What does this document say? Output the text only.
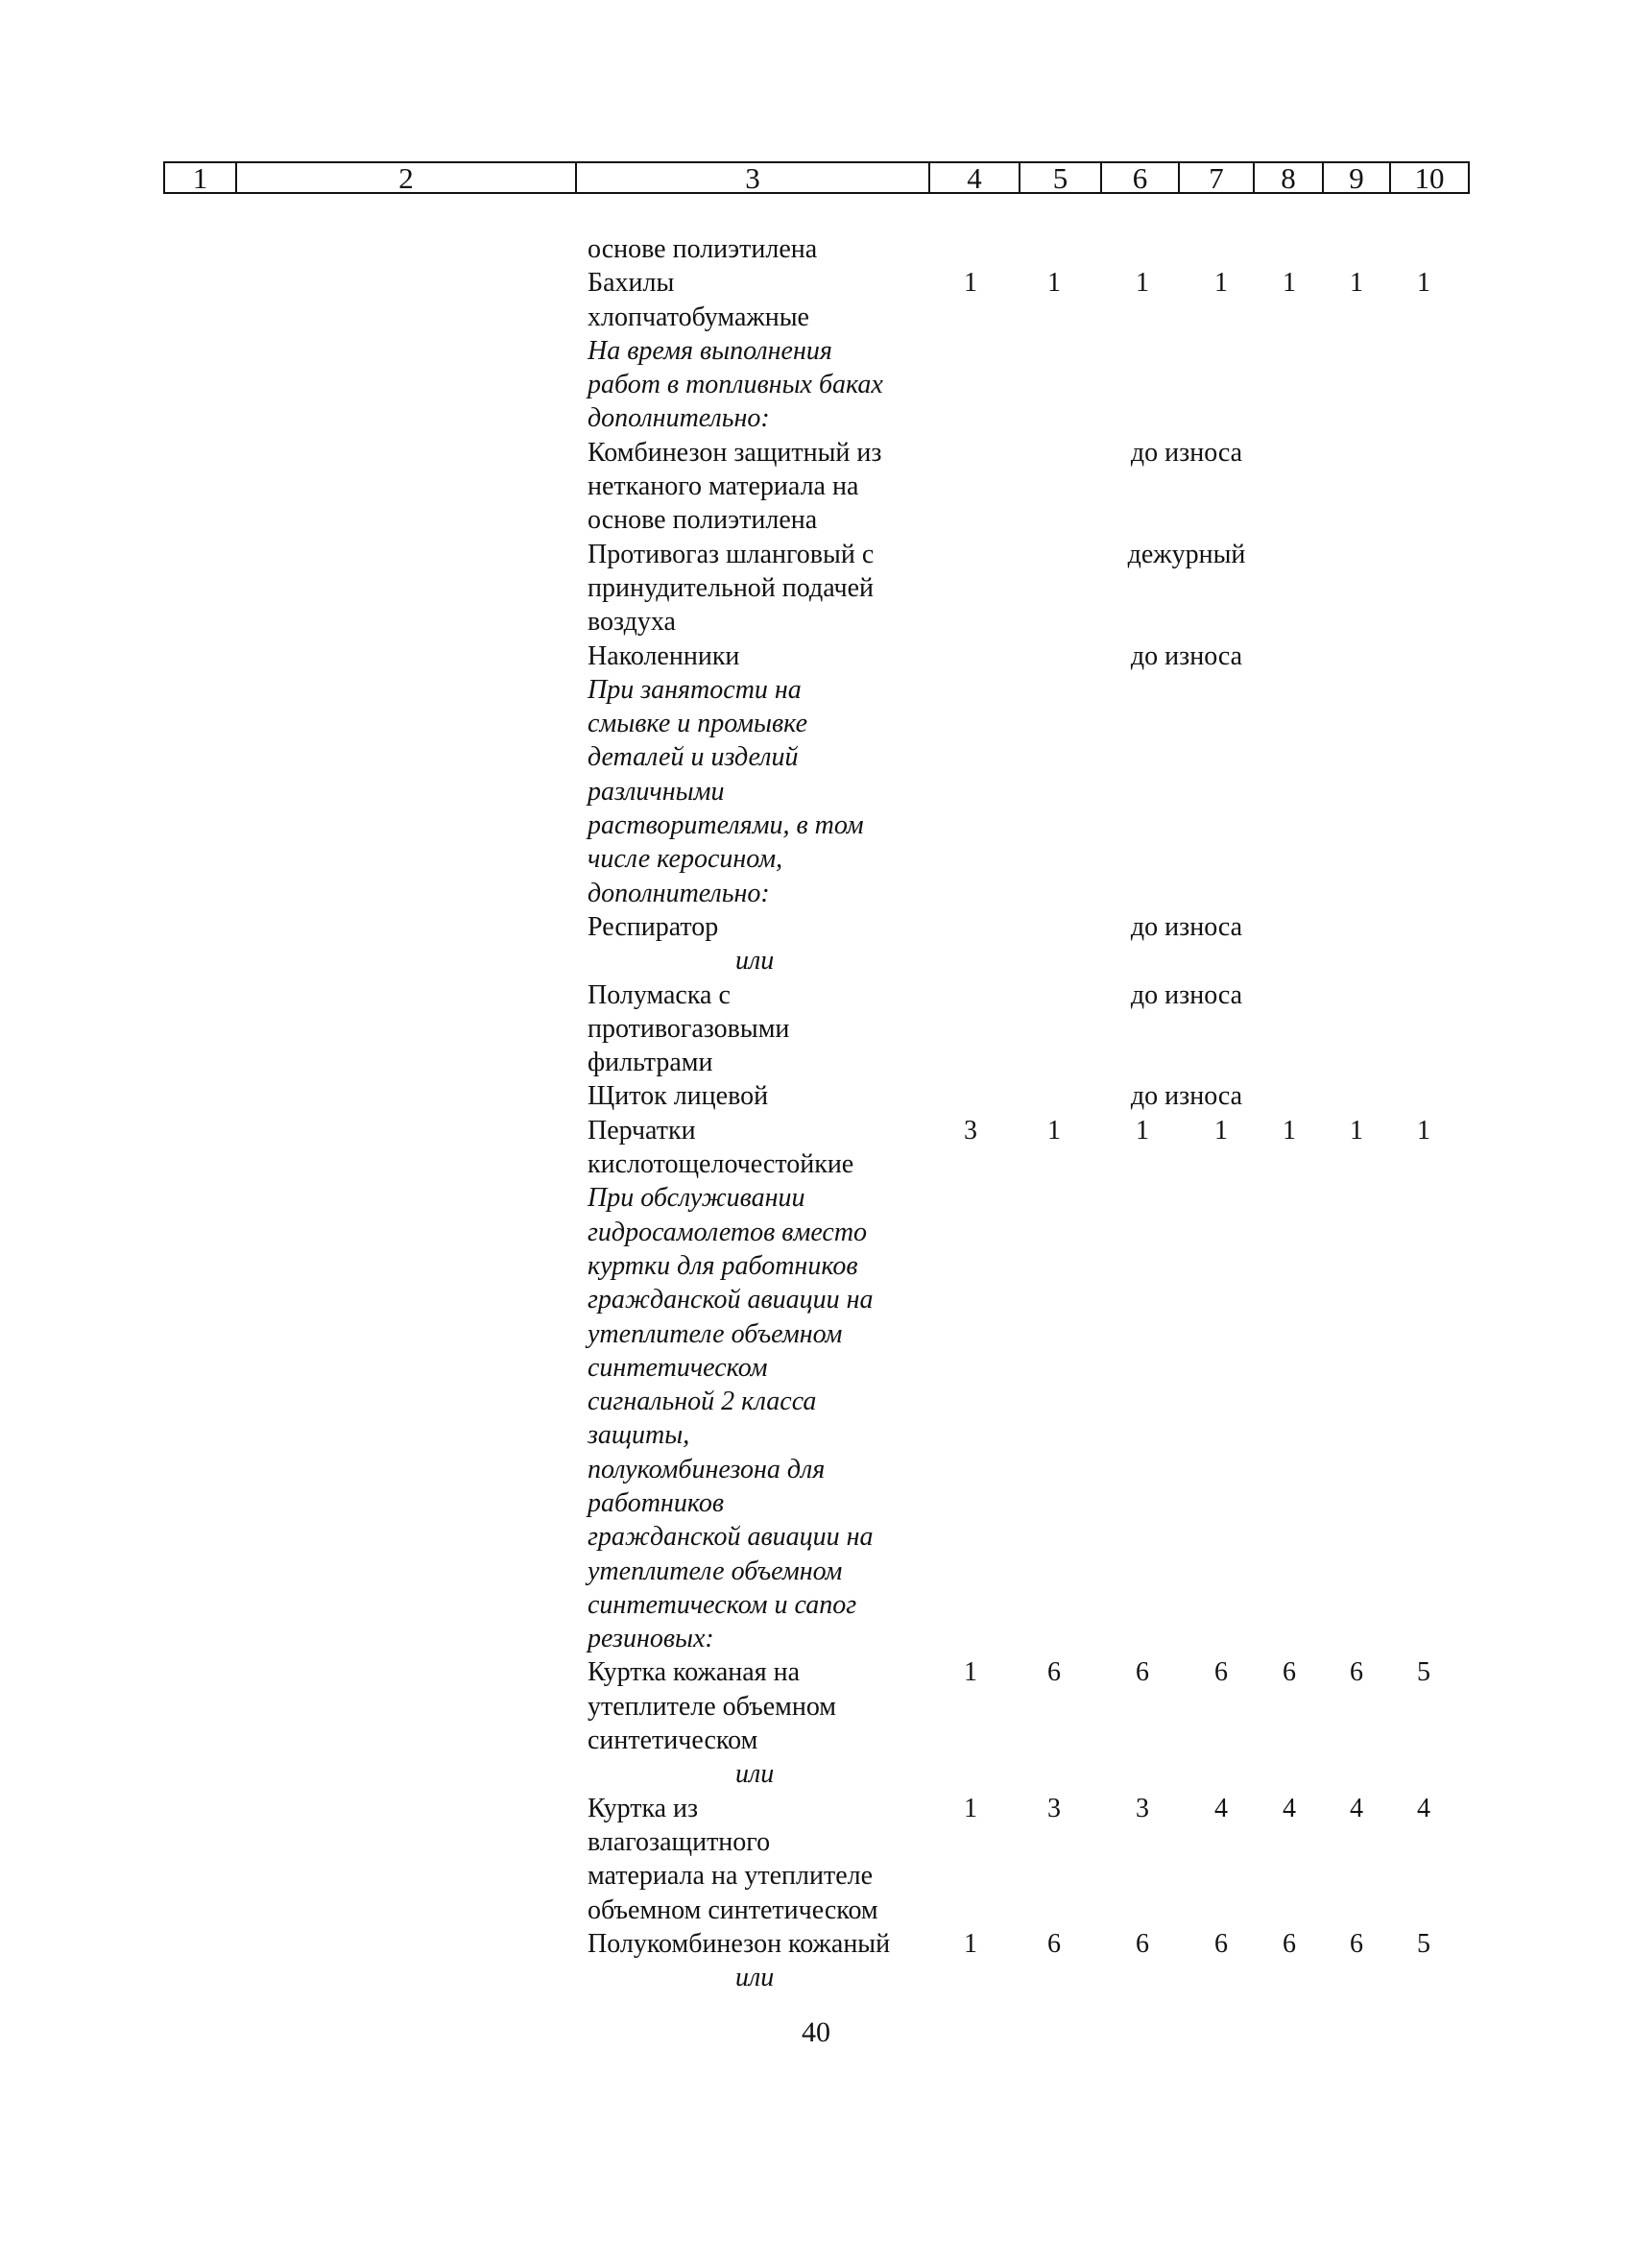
1	2	3	4	5	6	7	8	9	10
основе полиэтилена
Бахилы	1	1	1 1 1 1 1
хлопчатобумажные
На время выполнения
работ в топливных баках
дополнительно:
Комбинезон защитный из	до износа
нетканого материала на
основе полиэтилена
Противогаз шланговый с	дежурный
принудительной подачей
воздуха
Наколенники	до износа
При занятости на
смывке и промывке
деталей и изделий
различными
растворителями, в том
числе керосином,
дополнительно:
Респиратор	до износа
или
Полумаска с	до износа
противогазовыми
фильтрами
Щиток лицевой	до износа
Перчатки	3	1	1 1 1 1 1
кислотощелочестойкие
При обслуживании
гидросамолетов вместо
куртки для работников
гражданской авиации на
утеплителе объемном
синтетическом
сигнальной 2 класса
защиты,
полукомбинезона для
работников
гражданской авиации на
утеплителе объемном
синтетическом и сапог
резиновых:
Куртка кожаная на	1	6	6 6 6 6 5
утеплителе объемном
синтетическом
или
Куртка из	1	3	3 4 4 4 4
влагозащитного
материала на утеплителе
объемном синтетическом
Полукомбинезон кожаный	1	6	6 6 6 6 5
или
40
